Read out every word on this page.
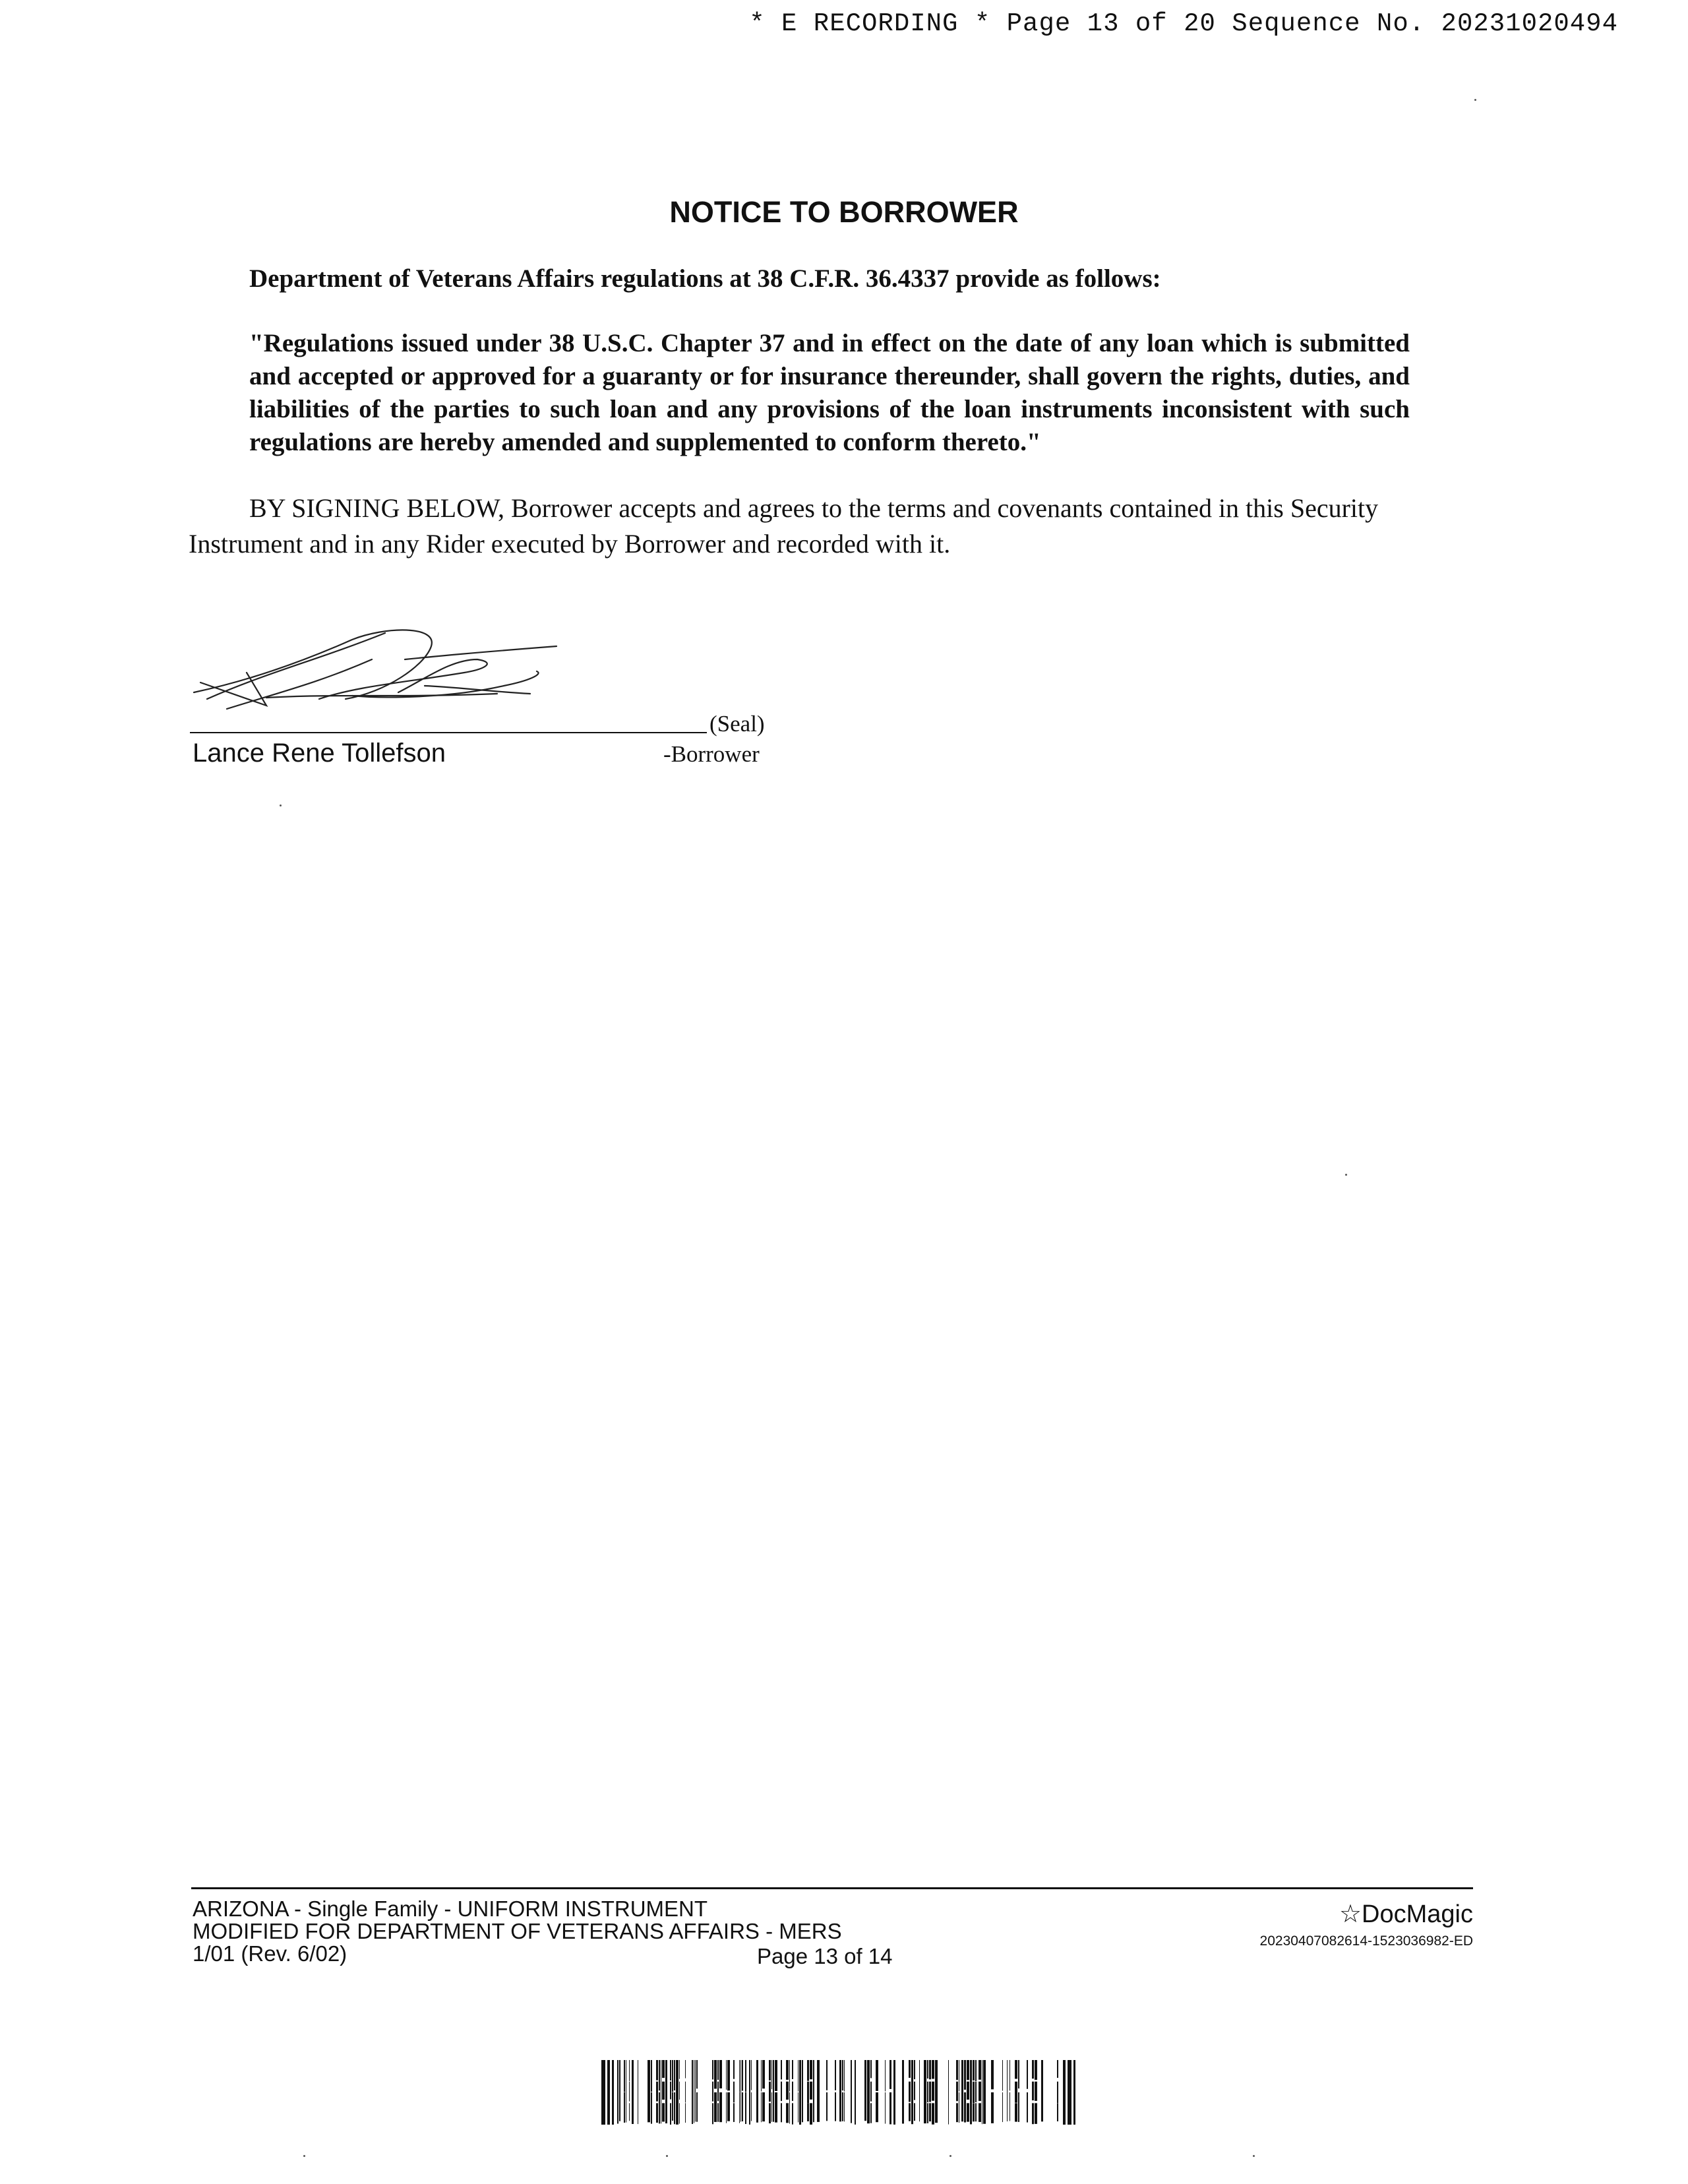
* E RECORDING * Page 13 of 20 Sequence No. 20231020494
NOTICE TO BORROWER
Department of Veterans Affairs regulations at 38 C.F.R. 36.4337 provide as follows:
"Regulations issued under 38 U.S.C. Chapter 37 and in effect on the date of any loan which is submitted and accepted or approved for a guaranty or for insurance thereunder, shall govern the rights, duties, and liabilities of the parties to such loan and any provisions of the loan instruments inconsistent with such regulations are hereby amended and supplemented to conform thereto."
BY SIGNING BELOW, Borrower accepts and agrees to the terms and covenants contained in this Security Instrument and in any Rider executed by Borrower and recorded with it.
(Seal)
Lance Rene Tollefson	-Borrower
ARIZONA - Single Family - UNIFORM INSTRUMENT
MODIFIED FOR DEPARTMENT OF VETERANS AFFAIRS - MERS
1/01 (Rev. 6/02)	Page 13 of 14
☆DocMagic
20230407082614-1523036982-ED
